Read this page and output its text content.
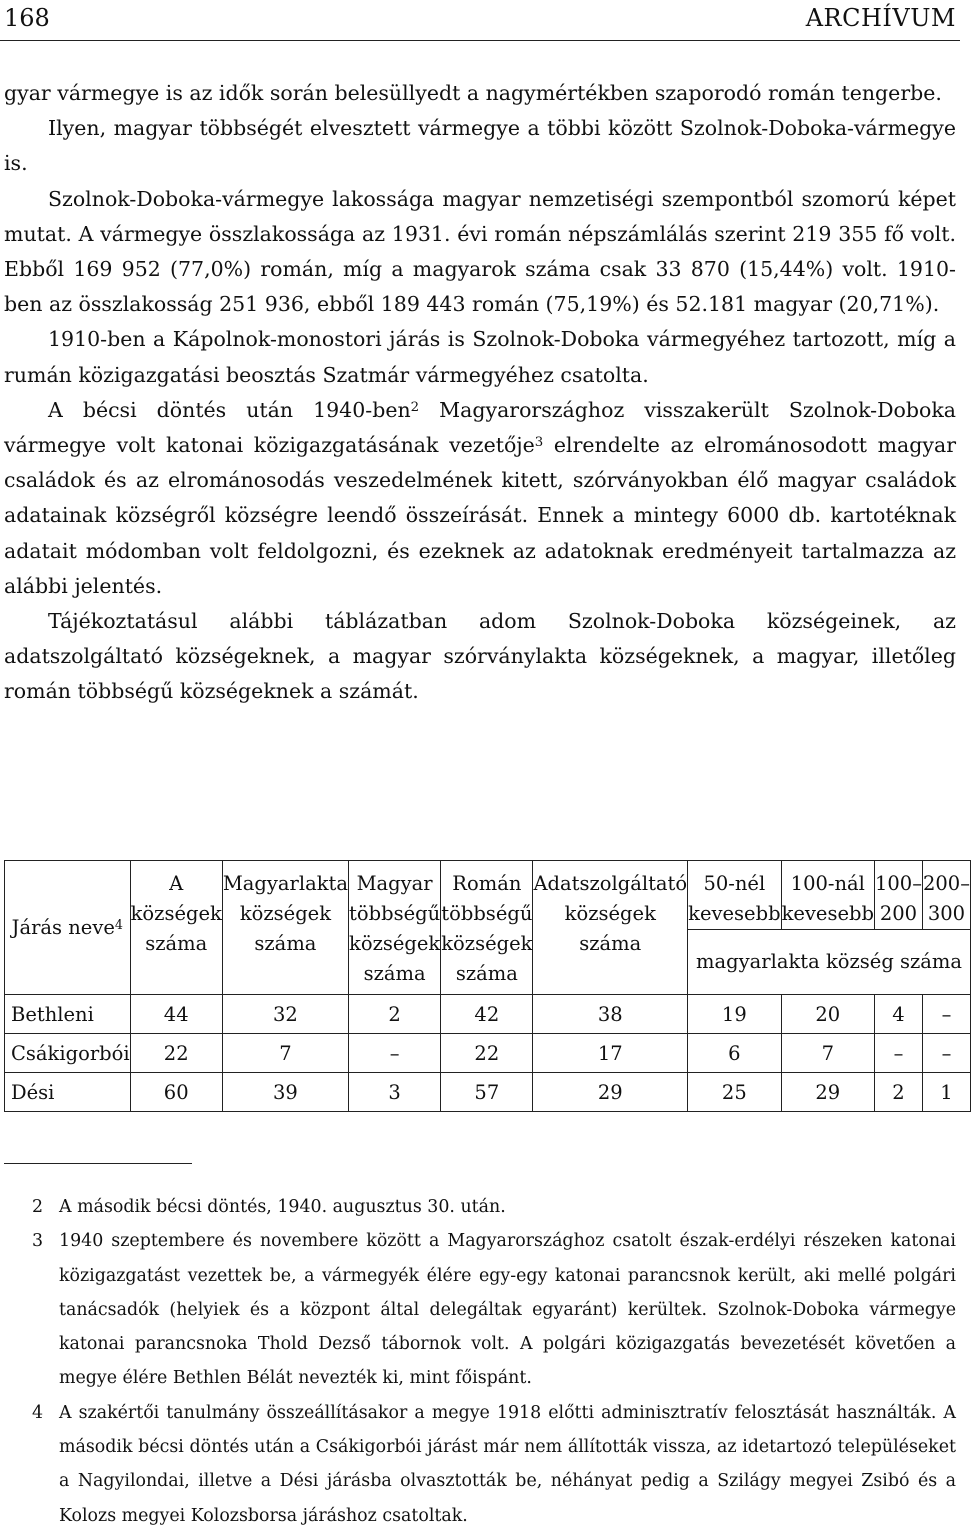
168	ARCHÍVUM

gyar vármegye is az idők során belesüllyedt a nagymértékben szaporodó román tengerbe.

Ilyen, magyar többségét elvesztett vármegye a többi között Szolnok-Doboka-vármegye is.

Szolnok-Doboka-vármegye lakossága magyar nemzetiségi szempontból szomorú képet mutat. A vármegye összlakossága az 1931. évi román népszámlálás szerint 219 355 fő volt. Ebből 169 952 (77,0%) román, míg a magyarok száma csak 33 870 (15,44%) volt. 1910-ben az összlakosság 251 936, ebből 189 443 román (75,19%) és 52.181 magyar (20,71%).

1910-ben a Kápolnok-monostori járás is Szolnok-Doboka vármegyéhez tartozott, míg a rumán közigazgatási beosztás Szatmár vármegyéhez csatolta.

A bécsi döntés után 1940-ben$^2$ Magyarországhoz visszakerült Szolnok-Doboka vármegye volt katonai közigazgatásának vezetője$^3$ elrendelte az elrománosodott magyar családok és az elrománosodás veszedelmének kitett, szórványokban élő magyar családok adatainak községről községre leendő összeírását. Ennek a mintegy 6000 db. kartotéknak adatait módomban volt feldolgozni, és ezeknek az adatoknak eredményeit tartalmazza az alábbi jelentés.

Tájékoztatásul alábbi táblázatban adom Szolnok-Doboka községeinek, az adatszolgáltató községeknek, a magyar szórványlakta községeknek, a magyar, illetőleg román többségű községeknek a számát.

Járás neve$^4$	A községek száma	Magyarlakta községek száma	Magyar többségű községek száma	Román többségű községek száma	Adatszolgáltató községek száma	50-nél kevesebb	100-nál kevesebb	100–200	200–300
						magyarlakta község száma			
Bethleni	44	32	2	42	38	19	20	4	–
Csákigorbói	22	7	–	22	17	6	7	–	–
Dési	60	39	3	57	29	25	29	2	1
2 A második bécsi döntés, 1940. augusztus 30. után.
3 1940 szeptembere és novembere között a Magyarországhoz csatolt észak-erdélyi részeken katonai közigazgatást vezettek be, a vármegyék élére egy-egy katonai parancsnok került, aki mellé polgári tanácsadók (helyiek és a központ által delegáltak egyaránt) kerültek. Szolnok-Doboka vármegye katonai parancsnoka Thold Dezső tábornok volt. A polgári közigazgatás bevezetését követően a megye élére Bethlen Bélát nevezték ki, mint főispánt.
4 A szakértői tanulmány összeállításakor a megye 1918 előtti adminisztratív felosztását használták. A második bécsi döntés után a Csákigorbói járást már nem állították vissza, az idetartozó településeket a Nagyilondai, illetve a Dési járásba olvasztották be, néhányat pedig a Szilágy megyei Zsibó és a Kolozs megyei Kolozsborsa járáshoz csatoltak.
